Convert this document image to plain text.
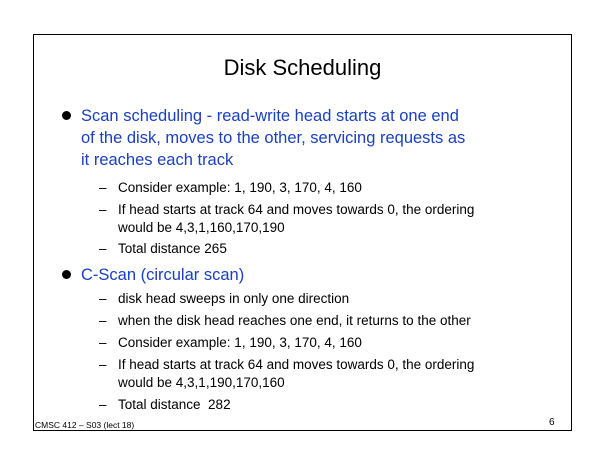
Disk Scheduling
Scan scheduling - read-write head starts at one end
of the disk, moves to the other, servicing requests as
it reaches each track
– Consider example: 1, 190, 3, 170, 4, 160
– If head starts at track 64 and moves towards 0, the ordering
would be 4,3,1,160,170,190
– Total distance 265
C-Scan (circular scan)
– disk head sweeps in only one direction
– when the disk head reaches one end, it returns to the other
– Consider example: 1, 190, 3, 170, 4, 160
– If head starts at track 64 and moves towards 0, the ordering
would be 4,3,1,190,170,160
– Total distance  282
CMSC 412 – S03 (lect 18)	6
